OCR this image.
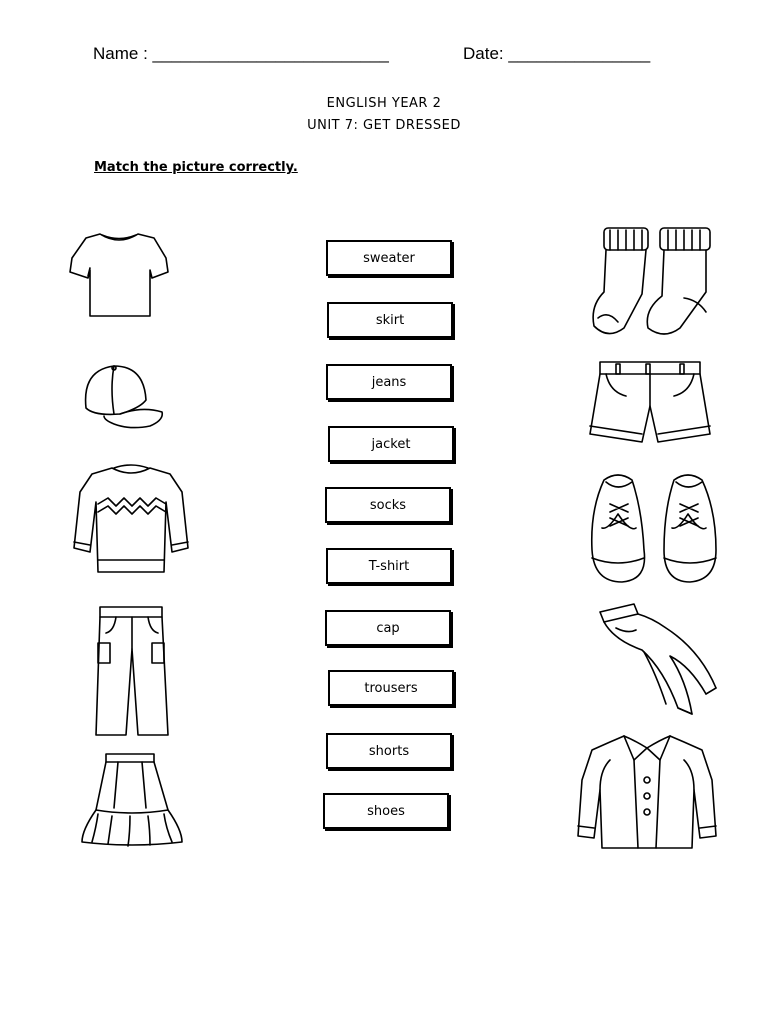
Name : _________________________	Date: _______________
ENGLISH YEAR 2
UNIT 7: GET DRESSED
Match the picture correctly.
sweater
skirt
jeans
jacket
socks
T-shirt
cap
trousers
shorts
shoes
